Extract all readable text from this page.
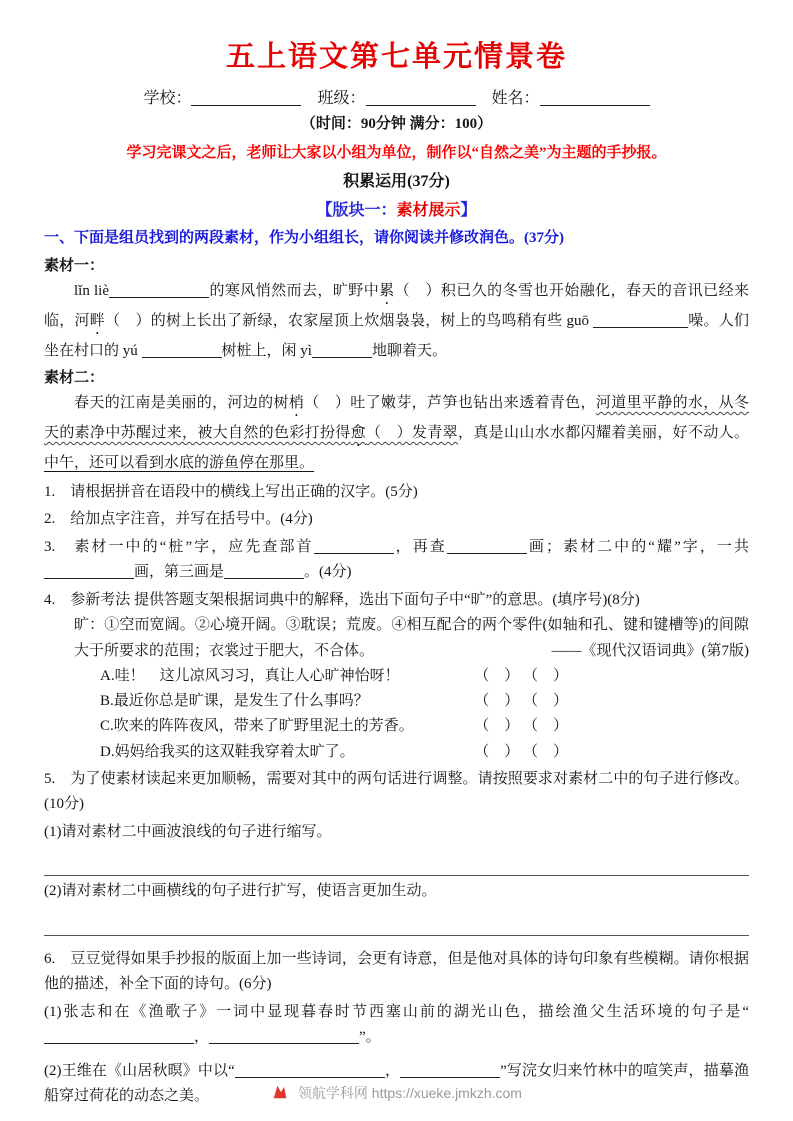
五上语文第七单元情景卷
学校：	班级：	姓名：
（时间：90分钟 满分：100）
学习完课文之后，老师让大家以小组为单位，制作以“自然之美”为主题的手抄报。
积累运用(37分)
【版块一：素材展示】
一、下面是组员找到的两段素材，作为小组组长，请你阅读并修改润色。(37分)
素材一：
lǐn liè	的寒风悄然而去，旷野中累（　）积已久的冬雪也开始融化，春天的音讯已经来临，河畔（　）的树上长出了新绿，农家屋顶上炊烟袅袅，树上的鸟鸣稍有些 guō	噪。人们坐在村口的 yú	树桩上，闲 yì	地聊着天。
素材二：
春天的江南是美丽的，河边的树梢（　）吐了嫩芽，芦笋也钻出来透着青色，河道里平静的水，从冬天的素净中苏醒过来，被大自然的色彩打扮得愈（　）发青翠，真是山山水水都闪耀着美丽，好不动人。中午，还可以看到水底的游鱼停在那里。
1.　请根据拼音在语段中的横线上写出正确的汉字。(5分)
2.　给加点字注音，并写在括号中。(4分)
3.　素材一中的“桩”字，应先查部首	，再查	画；素材二中的“耀”字，一共画，第三画是	。(4分)
4.　参新考法 提供答题支架根据词典中的解释，选出下面句子中“旷”的意思。(填序号)(8分)
旷：①空而宽阔。②心境开阔。③耽误；荒废。④相互配合的两个零件(如轴和孔、键和键槽等)的间隙大于所要求的范围；衣裳过于肥大，不合体。	——《现代汉语词典》(第7版)
A.哇！　这儿凉风习习，真让人心旷神怡呀！	（　） （　）
B.最近你总是旷课，是发生了什么事吗？	（　） （　）
C.吹来的阵阵夜风，带来了旷野里泥土的芳香。	（　） （　）
D.妈妈给我买的这双鞋我穿着太旷了。	（　） （　）
5.　为了使素材读起来更加顺畅，需要对其中的两句话进行调整。请按照要求对素材二中的句子进行修改。(10分)
(1)请对素材二中画波浪线的句子进行缩写。
(2)请对素材二中画横线的句子进行扩写，使语言更加生动。
6.　豆豆觉得如果手抄报的版面上加一些诗词，会更有诗意，但是他对具体的诗句印象有些模糊。请你根据他的描述，补全下面的诗句。(6分)
(1)张志和在《渔歌子》一词中显现暮春时节西塞山前的湖光山色，描绘渔父生活环境的句子是“，	”。
(2)王维在《山居秋暝》中以“	，	”写浣女归来竹林中的喧笑声，描摹渔船穿过荷花的动态之美。	领航学科网 https://xueke.jmkzh.com
